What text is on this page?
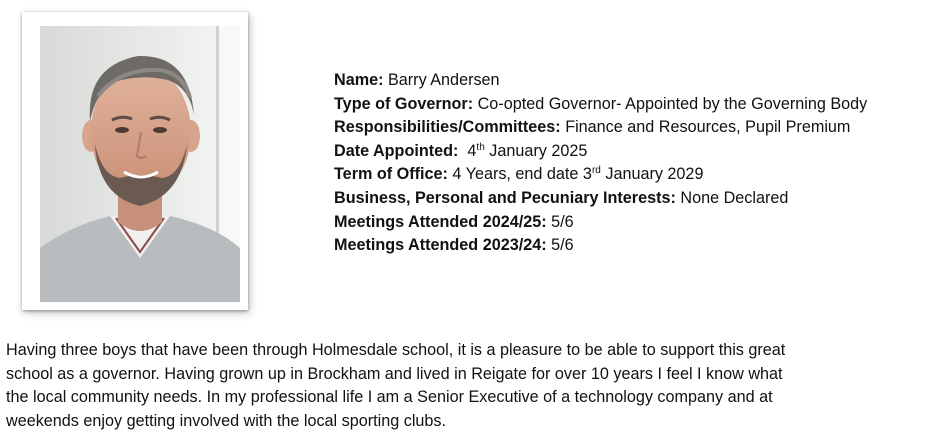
Name: Barry Andersen
Type of Governor: Co-opted Governor- Appointed by the Governing Body
Responsibilities/Committees: Finance and Resources, Pupil Premium
Date Appointed: 4th January 2025
Term of Office: 4 Years, end date 3rd January 2029
Business, Personal and Pecuniary Interests: None Declared
Meetings Attended 2024/25: 5/6
Meetings Attended 2023/24: 5/6
Having three boys that have been through Holmesdale school, it is a pleasure to be able to support this great
school as a governor. Having grown up in Brockham and lived in Reigate for over 10 years I feel I know what
the local community needs. In my professional life I am a Senior Executive of a technology company and at
weekends enjoy getting involved with the local sporting clubs.
